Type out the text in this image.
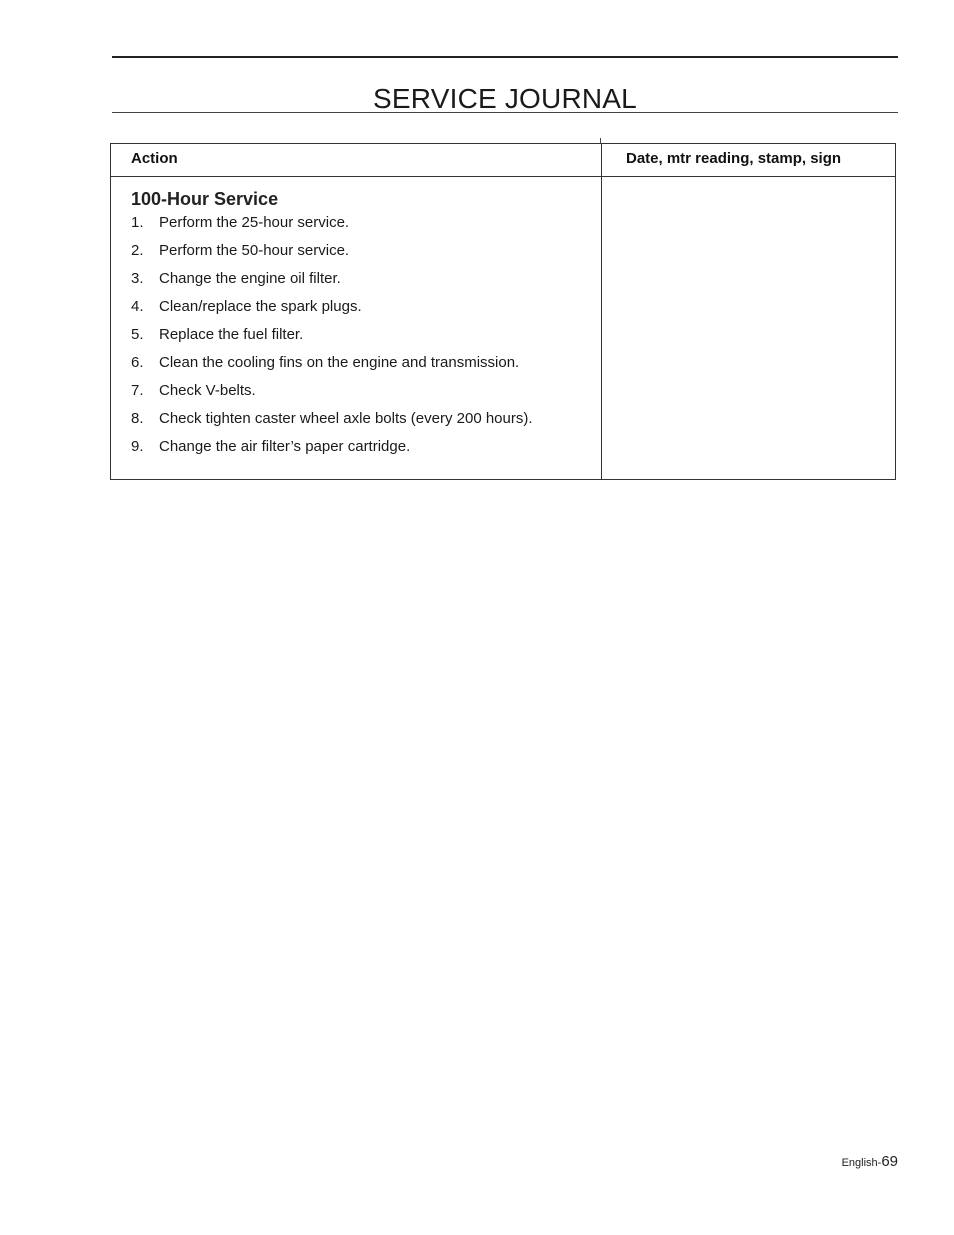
SERVICE JOURNAL
Action	Date, mtr reading, stamp, sign
100-Hour Service
1. Perform the 25-hour service.
2. Perform the 50-hour service.
3. Change the engine oil filter.
4. Clean/replace the spark plugs.
5. Replace the fuel filter.
6. Clean the cooling fins on the engine and transmission.
7. Check V-belts.
8. Check tighten caster wheel axle bolts (every 200 hours).
9. Change the air filter’s paper cartridge.
English-69
